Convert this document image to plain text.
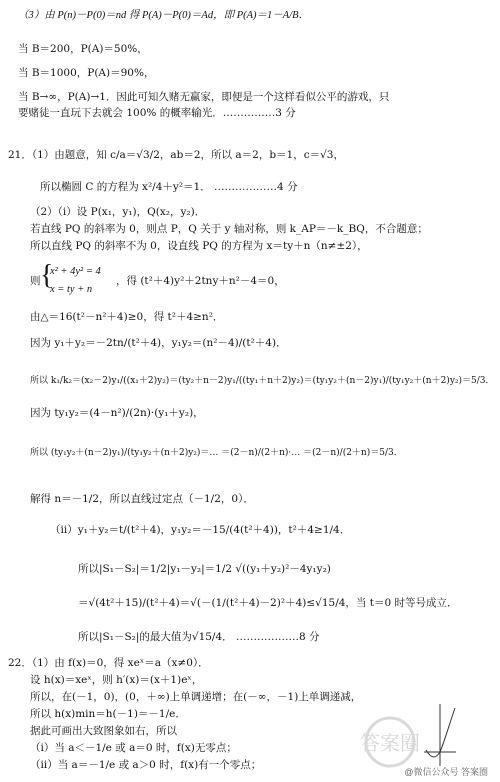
（3）由 P(n)－P(0)＝nd 得 P(A)－P(0)＝Ad，即 P(A)＝1－A/B．
当 B＝200，P(A)＝50%，
当 B＝1000，P(A)＝90%，
当 B→∞，P(A)→1．因此可知久赌无赢家，即便是一个这样看似公平的游戏，只
要赌徒一直玩下去就会 100% 的概率输光．……………3 分
21．（1）由题意，知 c/a＝√3/2，ab＝2，所以 a＝2，b＝1，c＝√3，
所以椭圆 C 的方程为 x²/4＋y²＝1． ………………4 分
（2）（i）设 P(x₁，y₁)，Q(x₂，y₂)．
若直线 PQ 的斜率为 0，则点 P，Q 关于 y 轴对称，则 k_AP＝－k_BQ，不合题意；
所以直线 PQ 的斜率不为 0，设直线 PQ 的方程为 x＝ty＋n（n≠±2），
则 {
x² + 4y² = 4
x = ty + n
，得 (t²＋4)y²＋2tny＋n²－4＝0，
由△＝16(t²－n²＋4)≥0，得 t²＋4≥n²．
因为 y₁＋y₂＝－2tn/(t²＋4)，y₁y₂＝(n²－4)/(t²＋4)．
所以 k₁/k₂＝(x₂－2)y₁/((x₁＋2)y₂)＝(ty₂＋n－2)y₁/((ty₁＋n＋2)y₂)＝(ty₁y₂＋(n－2)y₁)/(ty₁y₂＋(n＋2)y₂)＝5/3．
因为 ty₁y₂＝(4－n²)/(2n)·(y₁＋y₂)，
所以 (ty₁y₂＋(n－2)y₁)/(ty₁y₂＋(n＋2)y₂)＝… ＝(2－n)/(2＋n)·… ＝(2－n)/(2＋n)＝5/3．
解得 n＝－1/2，所以直线过定点（－1/2，0）．
（ii）y₁＋y₂＝t/(t²＋4)，y₁y₂＝－15/(4(t²＋4))，t²＋4≥1/4．
所以|S₁－S₂|＝1/2|y₁－y₂|＝1/2 √((y₁＋y₂)²－4y₁y₂)
＝√(4t²＋15)/(t²＋4)＝√(－(1/(t²＋4)－2)²＋4)≤√15/4，当 t＝0 时等号成立．
所以|S₁－S₂|的最大值为√15/4． ………………8 分
22．（1）由 f(x)＝0，得 xeˣ＝a（x≠0）．
设 h(x)＝xeˣ，则 h′(x)＝(x＋1)eˣ，
所以，在(－1，0)，(0，＋∞)上单调递增；在(－∞，－1)上单调递减，
所以 h(x)min＝h(－1)＝－1/e．
据此可画出大致图象如右，所以
（ⅰ）当 a＜－1/e 或 a＝0 时，f(x)无零点；
（ⅱ）当 a＝－1/e 或 a＞0 时，f(x)有一个零点；
答案圈
@微信公众号 答案圈
